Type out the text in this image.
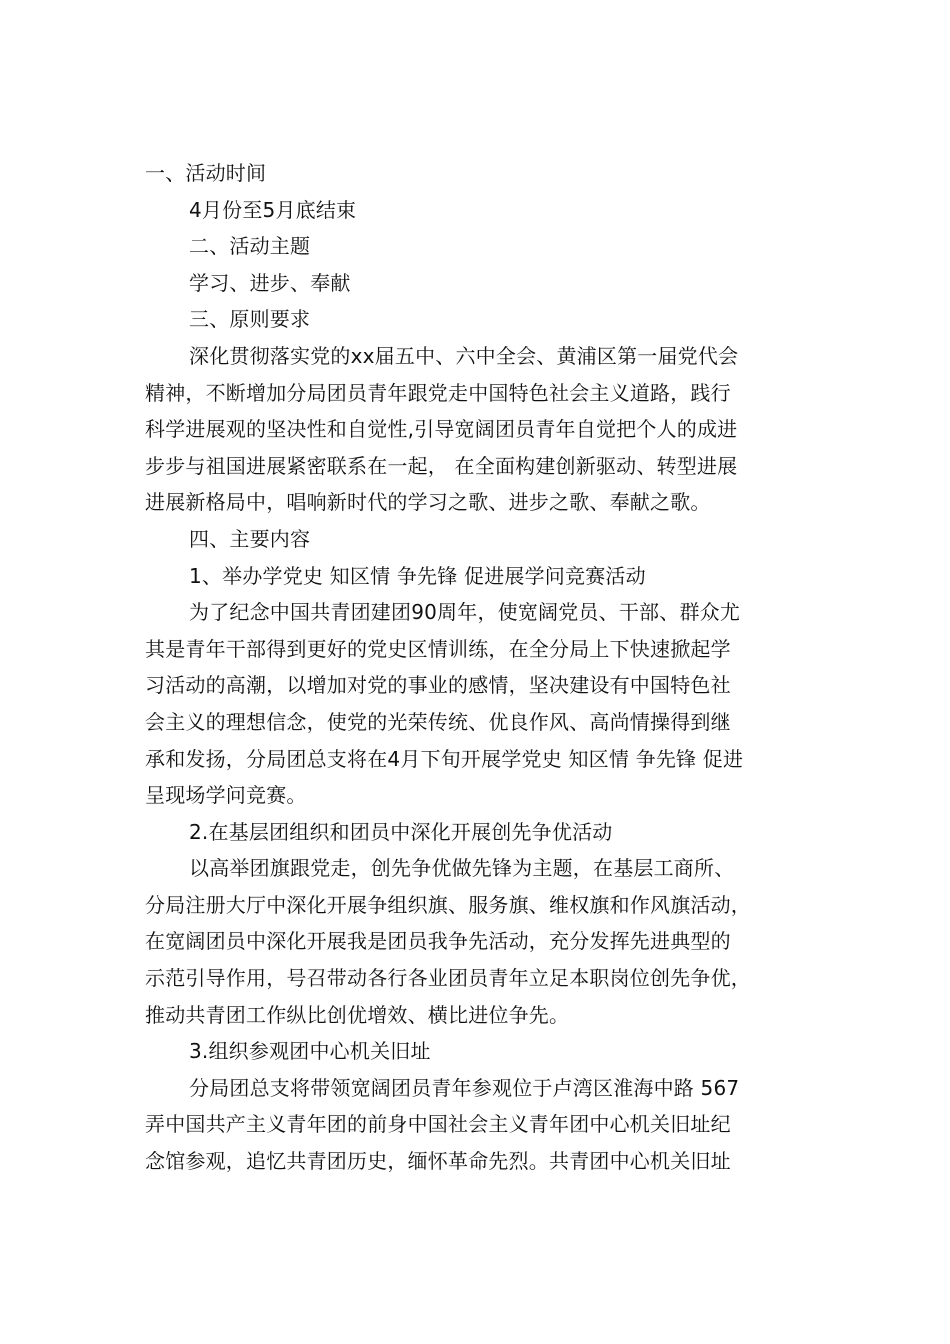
一、活动时间
4月份至5月底结束
二、活动主题
学习、进步、奉献
三、原则要求
深化贯彻落实党的xx届五中、六中全会、黄浦区第一届党代会
精神，不断增加分局团员青年跟党走中国特色社会主义道路，践行
科学进展观的坚决性和自觉性,引导宽阔团员青年自觉把个人的成进
步步与祖国进展紧密联系在一起， 在全面构建创新驱动、转型进展
进展新格局中，唱响新时代的学习之歌、进步之歌、奉献之歌。
四、主要内容
1、举办学党史 知区情 争先锋 促进展学问竞赛活动
为了纪念中国共青团建团90周年，使宽阔党员、干部、群众尤
其是青年干部得到更好的党史区情训练，在全分局上下快速掀起学
习活动的高潮，以增加对党的事业的感情，坚决建设有中国特色社
会主义的理想信念，使党的光荣传统、优良作风、高尚情操得到继
承和发扬，分局团总支将在4月下旬开展学党史 知区情 争先锋 促进
呈现场学问竞赛。
2.在基层团组织和团员中深化开展创先争优活动
以高举团旗跟党走，创先争优做先锋为主题，在基层工商所、
分局注册大厅中深化开展争组织旗、服务旗、维权旗和作风旗活动，
在宽阔团员中深化开展我是团员我争先活动，充分发挥先进典型的
示范引导作用，号召带动各行各业团员青年立足本职岗位创先争优，
推动共青团工作纵比创优增效、横比进位争先。
3.组织参观团中心机关旧址
分局团总支将带领宽阔团员青年参观位于卢湾区淮海中路 567
弄中国共产主义青年团的前身中国社会主义青年团中心机关旧址纪
念馆参观，追忆共青团历史，缅怀革命先烈。共青团中心机关旧址
